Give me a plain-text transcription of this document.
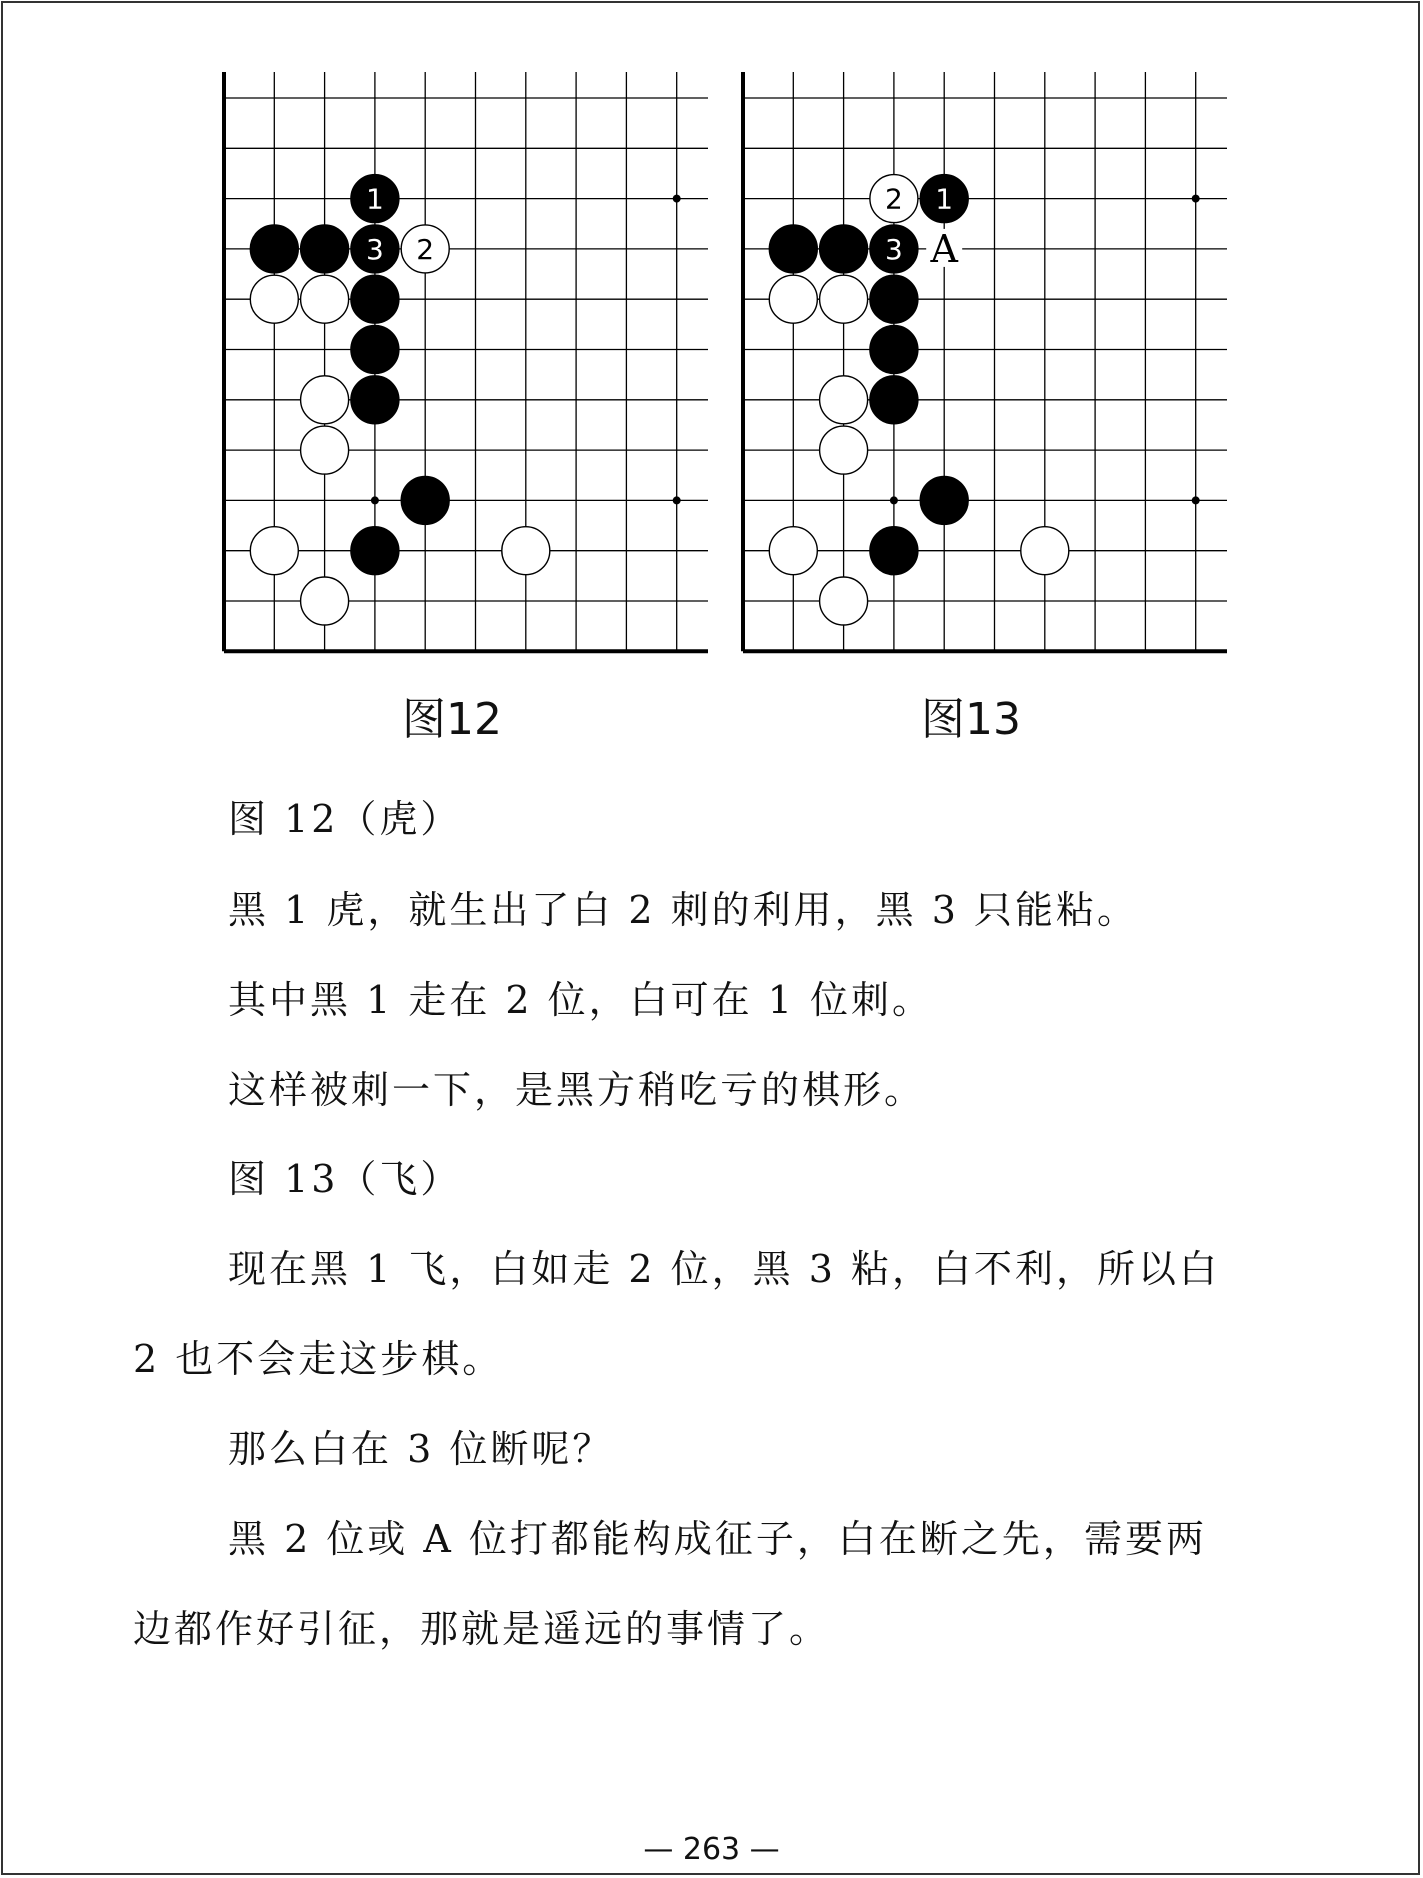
1
3 2
1
3
2
A
图12	图13
图 12（虎）
黑 1 虎，就生出了白 2 刺的利用，黑 3 只能粘。
其中黑 1 走在 2 位，白可在 1 位刺。
这样被刺一下，是黑方稍吃亏的棋形。
图 13（飞）
现在黑 1 飞，白如走 2 位，黑 3 粘，白不利，所以白
2 也不会走这步棋。
那么白在 3 位断呢？
黑 2 位或 A 位打都能构成征子，白在断之先，需要两
边都作好引征，那就是遥远的事情了。
— 263 —
